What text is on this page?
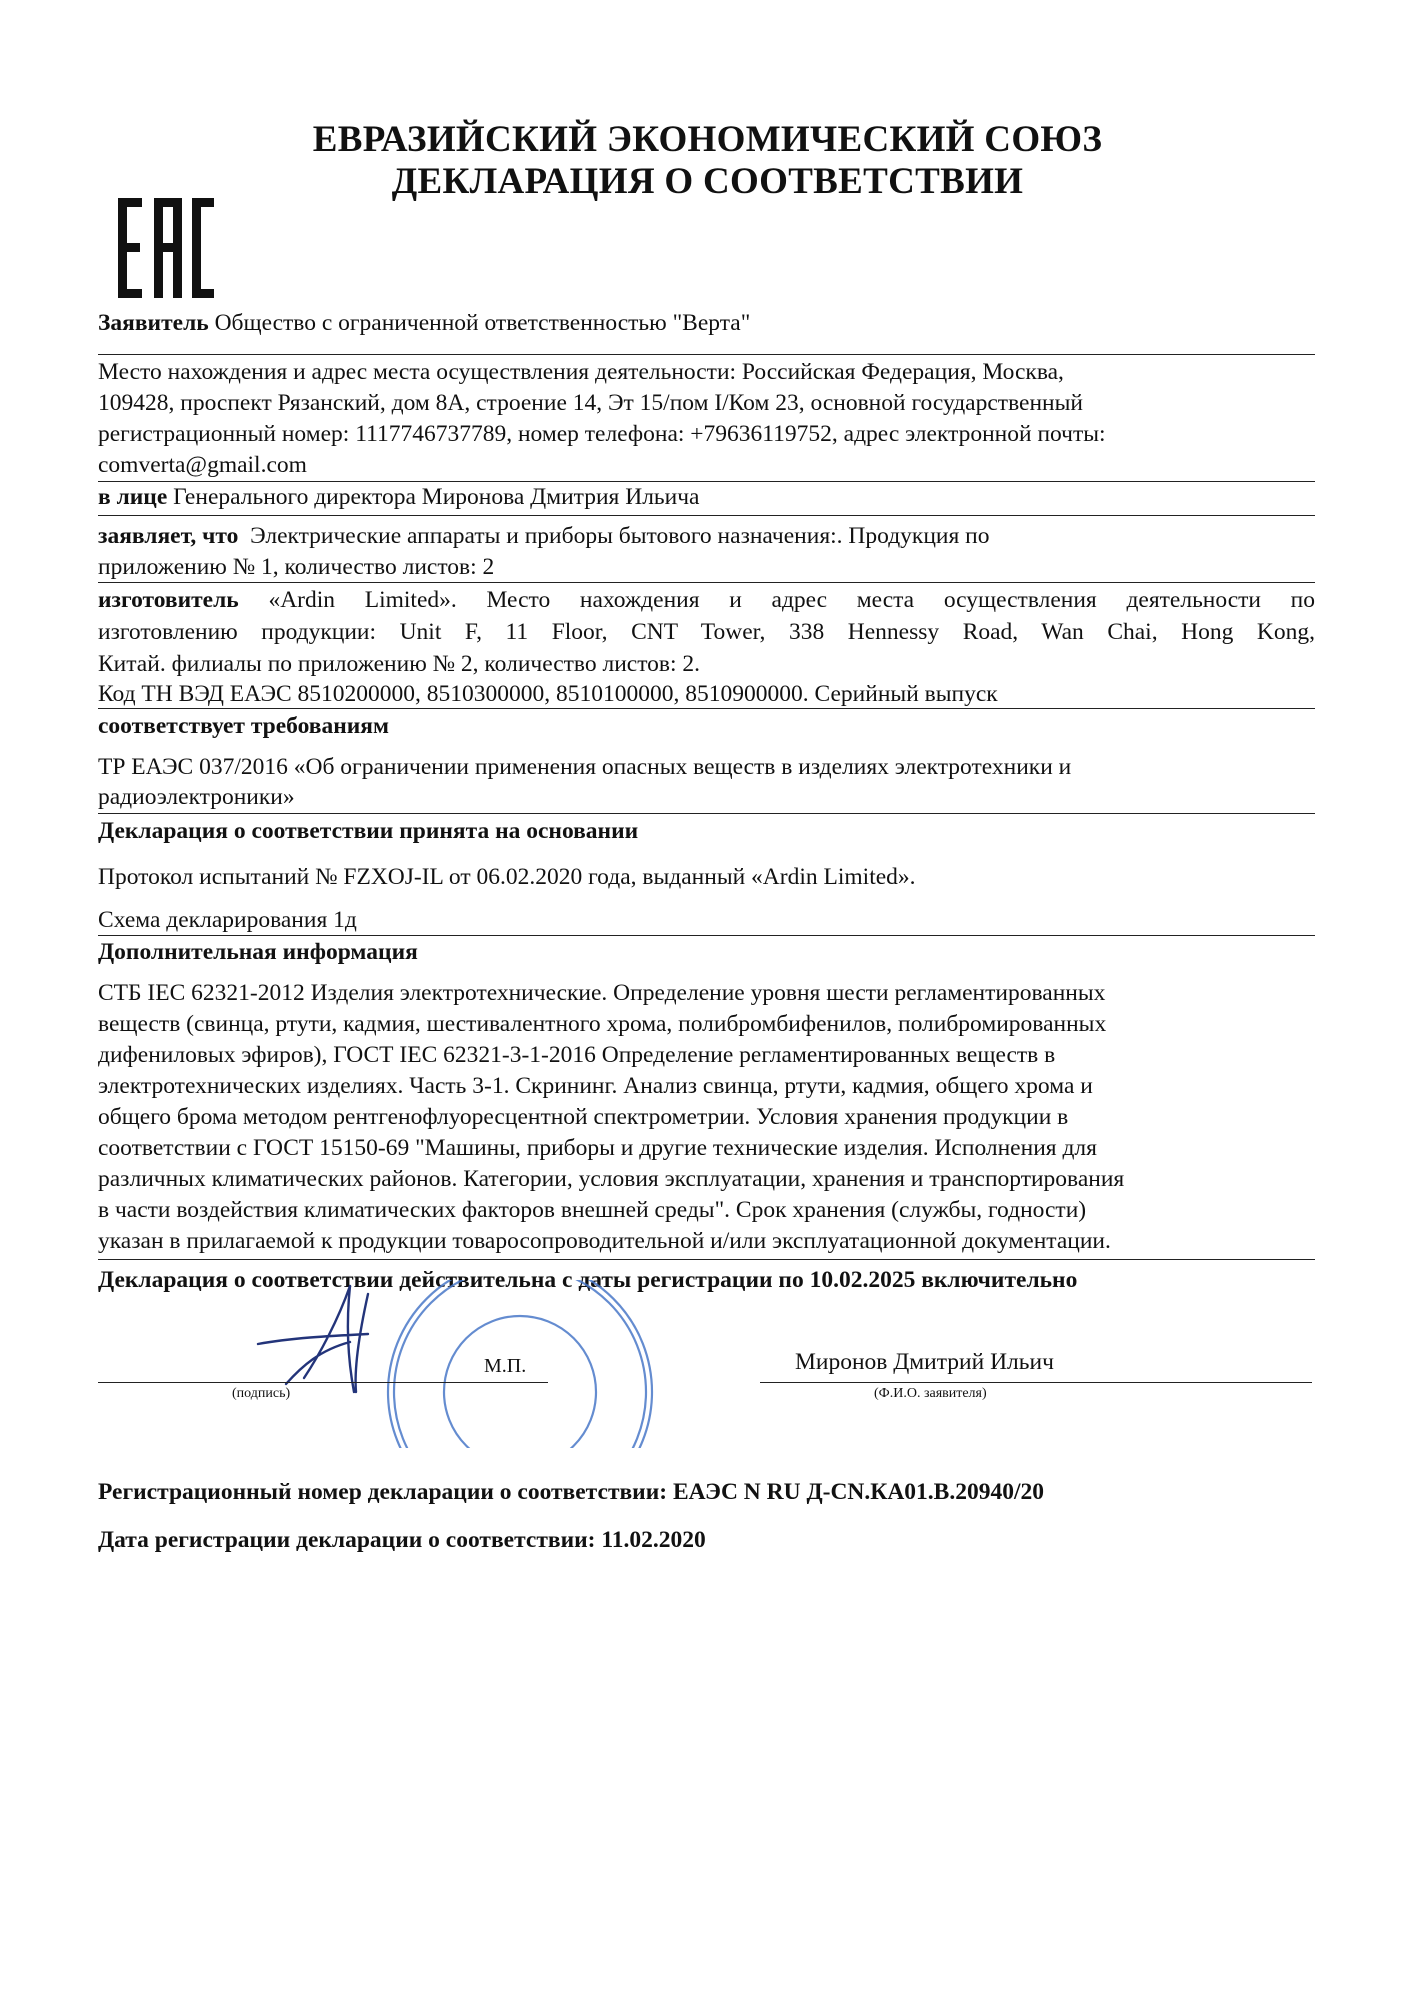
ЕВРАЗИЙСКИЙ ЭКОНОМИЧЕСКИЙ СОЮЗ
ДЕКЛАРАЦИЯ О СООТВЕТСТВИИ
Заявитель Общество с ограниченной ответственностью "Верта"
Место нахождения и адрес места осуществления деятельности: Российская Федерация, Москва,
109428, проспект Рязанский, дом 8А, строение 14, Эт 15/пом I/Ком 23, основной государственный
регистрационный номер: 1117746737789, номер телефона: +79636119752, адрес электронной почты:
comverta@gmail.com
в лице Генерального директора Миронова Дмитрия Ильича
заявляет, что Электрические аппараты и приборы бытового назначения:. Продукция по
приложению № 1, количество листов: 2
изготовитель «Ardin Limited». Место нахождения и адрес места осуществления деятельности по
изготовлению продукции: Unit F, 11 Floor, CNT Tower, 338 Hennessy Road, Wan Chai, Hong Kong,
Китай. филиалы по приложению № 2, количество листов: 2.
Код ТН ВЭД ЕАЭС 8510200000, 8510300000, 8510100000, 8510900000. Серийный выпуск
соответствует требованиям
ТР ЕАЭС 037/2016 «Об ограничении применения опасных веществ в изделиях электротехники и
радиоэлектроники»
Декларация о соответствии принята на основании
Протокол испытаний № FZXOJ-IL от 06.02.2020 года, выданный «Ardin Limited».
Схема декларирования 1д
Дополнительная информация
СТБ IEC 62321-2012 Изделия электротехнические. Определение уровня шести регламентированных
веществ (свинца, ртути, кадмия, шестивалентного хрома, полибромбифенилов, полибромированных
дифениловых эфиров), ГОСТ IEC 62321-3-1-2016 Определение регламентированных веществ в
электротехнических изделиях. Часть 3-1. Скрининг. Анализ свинца, ртути, кадмия, общего хрома и
общего брома методом рентгенофлуоресцентной спектрометрии. Условия хранения продукции в
соответствии с ГОСТ 15150-69 "Машины, приборы и другие технические изделия. Исполнения для
различных климатических районов. Категории, условия эксплуатации, хранения и транспортирования
в части воздействия климатических факторов внешней среды". Срок хранения (службы, годности)
указан в прилагаемой к продукции товаросопроводительной и/или эксплуатационной документации.
Декларация о соответствии действительна с даты регистрации по 10.02.2025 включительно
(подпись)
М.П.	Миронов Дмитрий Ильич
(Ф.И.О. заявителя)
Регистрационный номер декларации о соответствии: ЕАЭС N RU Д-CN.КА01.В.20940/20
Дата регистрации декларации о соответствии: 11.02.2020
